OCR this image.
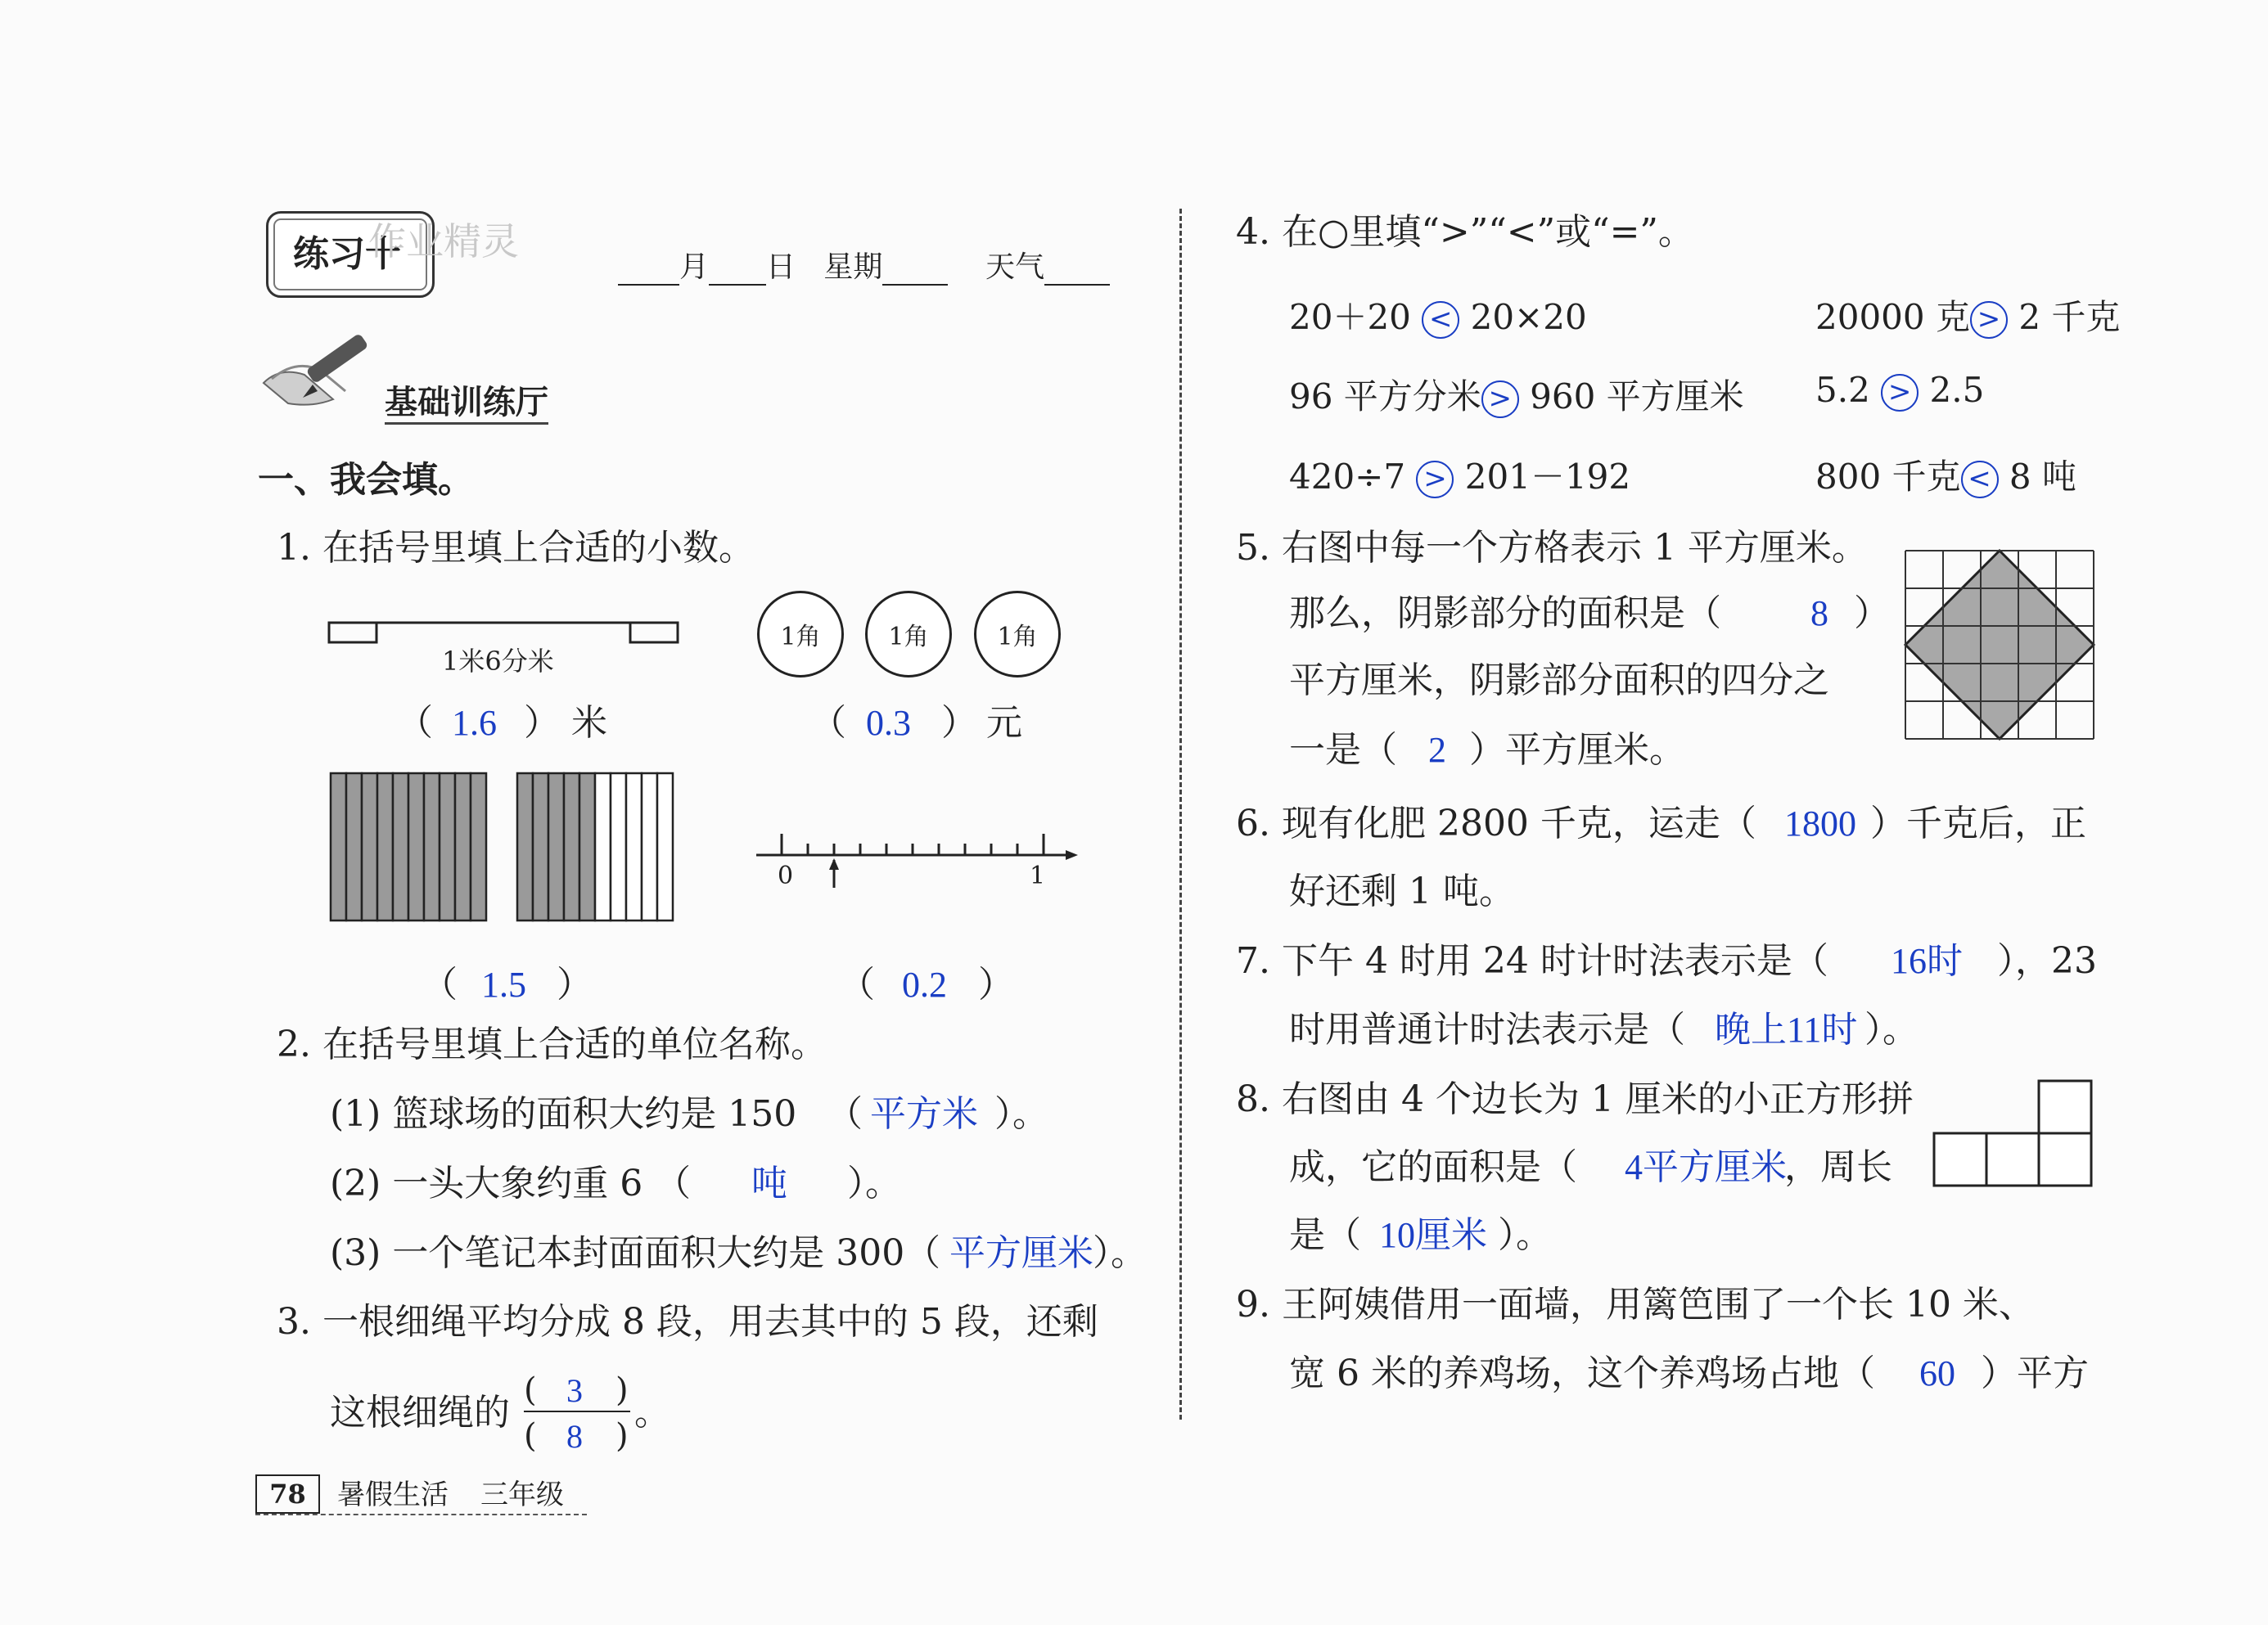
练习十
作业精灵
月 日 星期	天气
基础训练厅
一、我会填。
1. 在括号里填上合适的小数。
1米6分米
（ 1.6 ） 米
1角	1角	1角
（ 0.3 ） 元
0	1
（ 1.5 ）	（ 0.2 ）
2. 在括号里填上合适的单位名称。
(1) 篮球场的面积大约是 150 （ 平方米 ）。
(2) 一头大象约重 6 （ 吨 ）。
(3) 一个笔记本封面面积大约是 300 （ 平方厘米 ）。
3. 一根细绳平均分成 8 段，用去其中的 5 段，还剩
这根细绳的
( 3 )
( 8 )
。
78	暑假生活 三年级
4. 在○里填“>”“<”或“=”。
20＋20 < 20×20	20000 克 > 2 千克
96 平方分米 > 960 平方厘米 5.2 > 2.5
420÷7 > 201－192	800 千克 < 8 吨
5. 右图中每一个方格表示 1 平方厘米。
那么，阴影部分的面积是（ 8 ）
平方厘米，阴影部分面积的四分之
一是（ 2 ）平方厘米。
6. 现有化肥 2800 千克，运走（ 1800 ）千克后，正
好还剩 1 吨。
7. 下午 4 时用 24 时计时法表示是（ 16时 ），23
时用普通计时法表示是（ 晚上11时 ）。
8. 右图由 4 个边长为 1 厘米的小正方形拼
成，它的面积是（ 4平方厘米
，周长
是（ 10厘米 ）。
9. 王阿姨借用一面墙，用篱笆围了一个长 10 米、
宽 6 米的养鸡场，这个养鸡场占地（ 60 ）平方
